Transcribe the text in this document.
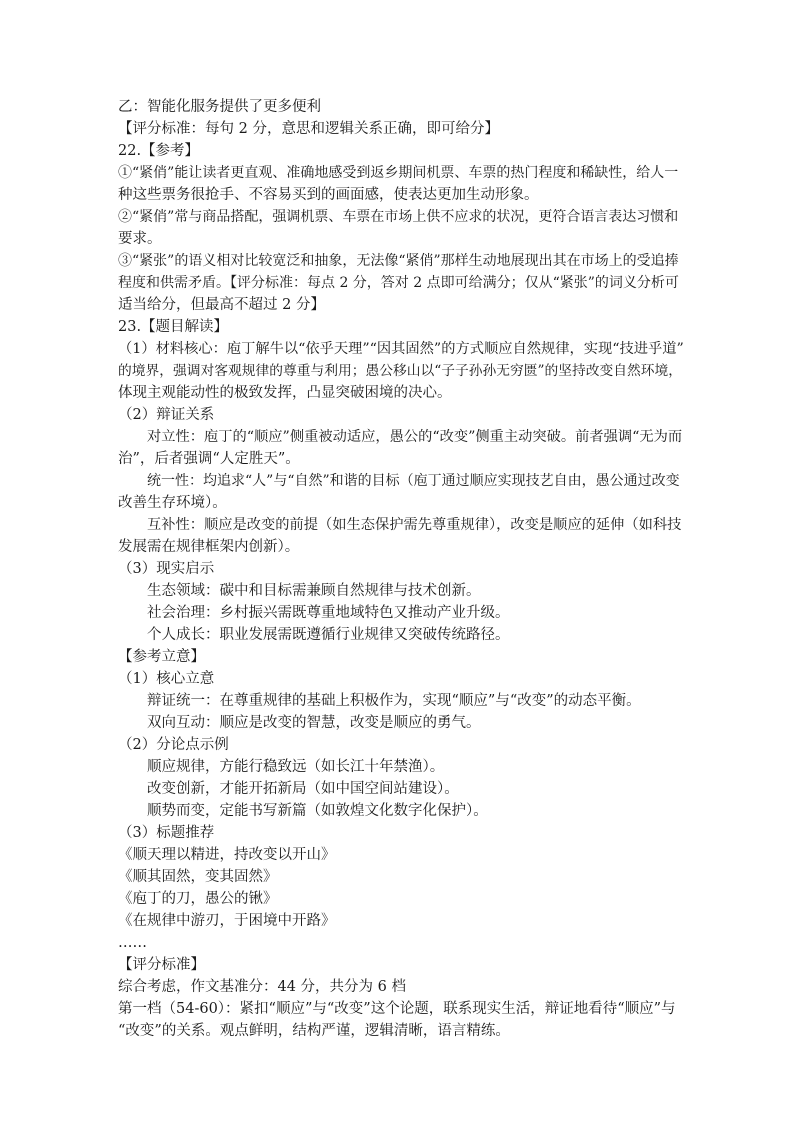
乙：智能化服务提供了更多便利
【评分标准：每句 2 分，意思和逻辑关系正确，即可给分】
22.【参考】
①“紧俏”能让读者更直观、准确地感受到返乡期间机票、车票的热门程度和稀缺性，给人一
种这些票务很抢手、不容易买到的画面感，使表达更加生动形象。
②“紧俏”常与商品搭配，强调机票、车票在市场上供不应求的状况，更符合语言表达习惯和
要求。
③“紧张”的语义相对比较宽泛和抽象，无法像“紧俏”那样生动地展现出其在市场上的受追捧
程度和供需矛盾。【评分标准：每点 2 分，答对 2 点即可给满分；仅从“紧张”的词义分析可
适当给分，但最高不超过 2 分】
23.【题目解读】
（1）材料核心：庖丁解牛以“依乎天理”“因其固然”的方式顺应自然规律，实现“技进乎道”
的境界，强调对客观规律的尊重与利用；愚公移山以“子子孙孙无穷匮”的坚持改变自然环境，
体现主观能动性的极致发挥，凸显突破困境的决心。
（2）辩证关系
对立性：庖丁的“顺应”侧重被动适应，愚公的“改变”侧重主动突破。前者强调“无为而
治”，后者强调“人定胜天”。
统一性：均追求“人”与“自然”和谐的目标（庖丁通过顺应实现技艺自由，愚公通过改变
改善生存环境）。
互补性：顺应是改变的前提（如生态保护需先尊重规律），改变是顺应的延伸（如科技
发展需在规律框架内创新）。
（3）现实启示
生态领域：碳中和目标需兼顾自然规律与技术创新。
社会治理：乡村振兴需既尊重地域特色又推动产业升级。
个人成长：职业发展需既遵循行业规律又突破传统路径。
【参考立意】
（1）核心立意
辩证统一：在尊重规律的基础上积极作为，实现“顺应”与“改变”的动态平衡。
双向互动：顺应是改变的智慧，改变是顺应的勇气。
（2）分论点示例
顺应规律，方能行稳致远（如长江十年禁渔）。
改变创新，才能开拓新局（如中国空间站建设）。
顺势而变，定能书写新篇（如敦煌文化数字化保护）。
（3）标题推荐
《顺天理以精进，持改变以开山》
《顺其固然，变其固然》
《庖丁的刀，愚公的锹》
《在规律中游刃，于困境中开路》
……
【评分标准】
综合考虑，作文基准分：44 分，共分为 6 档
第一档（54-60）：紧扣“顺应”与“改变”这个论题，联系现实生活，辩证地看待“顺应”与
“改变”的关系。观点鲜明，结构严谨，逻辑清晰，语言精练。
